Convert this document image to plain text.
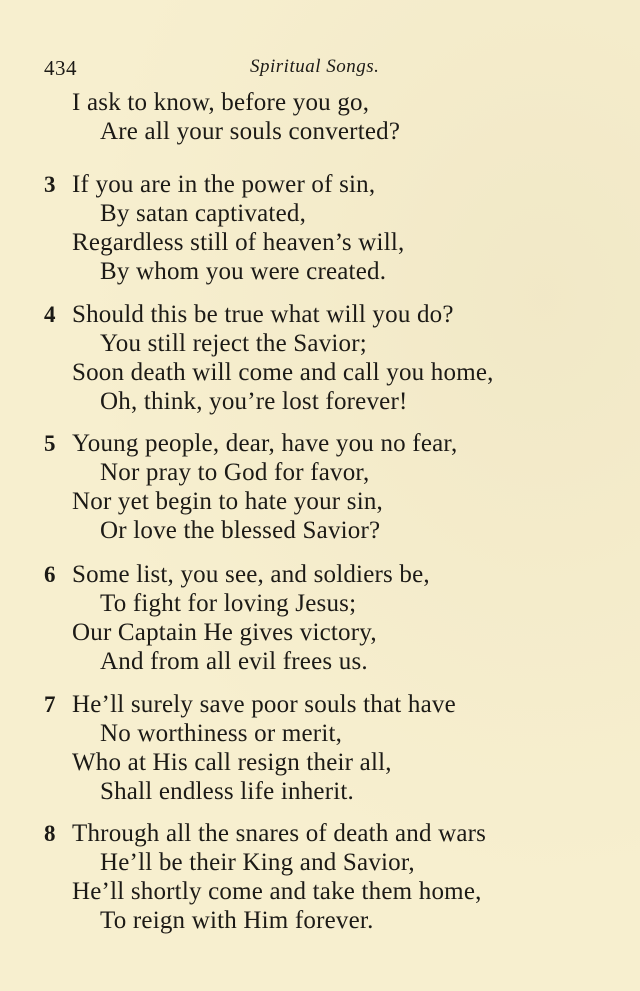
434	Spiritual Songs.
I ask to know, before you go,
Are all your souls converted?
3 If you are in the power of sin,
By satan captivated,
Regardless still of heaven’s will,
By whom you were created.
4 Should this be true what will you do?
You still reject the Savior;
Soon death will come and call you home,
Oh, think, you’re lost forever!
5 Young people, dear, have you no fear,
Nor pray to God for favor,
Nor yet begin to hate your sin,
Or love the blessed Savior?
6 Some list, you see, and soldiers be,
To fight for loving Jesus;
Our Captain He gives victory,
And from all evil frees us.
7 He’ll surely save poor souls that have
No worthiness or merit,
Who at His call resign their all,
Shall endless life inherit.
8 Through all the snares of death and wars
He’ll be their King and Savior,
He’ll shortly come and take them home,
To reign with Him forever.
